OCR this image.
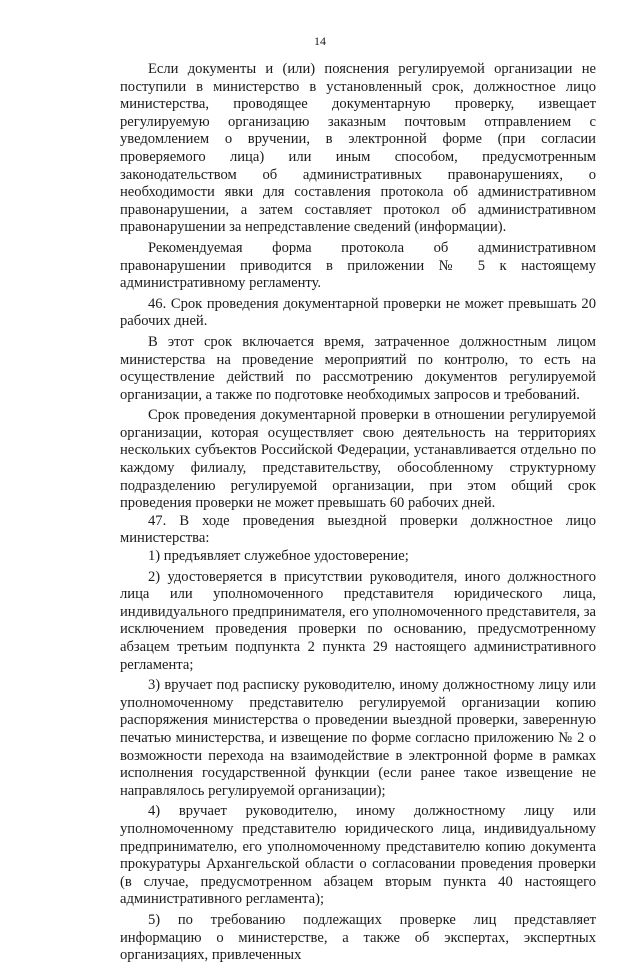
14

Если документы и (или) пояснения регулируемой организации не поступили в министерство в установленный срок, должностное лицо министерства, проводящее документарную проверку, извещает регулируемую организацию заказным почтовым отправлением с уведомлением о вручении, в электронной форме (при согласии проверяемого лица) или иным способом, предусмотренным законодательством об административных правонарушениях, о необходимости явки для составления протокола об административном правонарушении, а затем составляет протокол об административном правонарушении за непредставление сведений (информации).

Рекомендуемая форма протокола об административном правонарушении приводится в приложении № 5 к настоящему административному регламенту.

46. Срок проведения документарной проверки не может превышать 20 рабочих дней.

В этот срок включается время, затраченное должностным лицом министерства на проведение мероприятий по контролю, то есть на осуществление действий по рассмотрению документов регулируемой организации, а также по подготовке необходимых запросов и требований.

Срок проведения документарной проверки в отношении регулируемой организации, которая осуществляет свою деятельность на территориях нескольких субъектов Российской Федерации, устанавливается отдельно по каждому филиалу, представительству, обособленному структурному подразделению регулируемой организации, при этом общий срок проведения проверки не может превышать 60 рабочих дней.

47. В ходе проведения выездной проверки должностное лицо министерства:

1) предъявляет служебное удостоверение;

2) удостоверяется в присутствии руководителя, иного должностного лица или уполномоченного представителя юридического лица, индивидуального предпринимателя, его уполномоченного представителя, за исключением проведения проверки по основанию, предусмотренному абзацем третьим подпункта 2 пункта 29 настоящего административного регламента;

3) вручает под расписку руководителю, иному должностному лицу или уполномоченному представителю регулируемой организации копию распоряжения министерства о проведении выездной проверки, заверенную печатью министерства, и извещение по форме согласно приложению № 2 о возможности перехода на взаимодействие в электронной форме в рамках исполнения государственной функции (если ранее такое извещение не направлялось регулируемой организации);

4) вручает руководителю, иному должностному лицу или уполномоченному представителю юридического лица, индивидуальному предпринимателю, его уполномоченному представителю копию документа прокуратуры Архангельской области о согласовании проведения проверки (в случае, предусмотренном абзацем вторым пункта 40 настоящего административного регламента);

5) по требованию подлежащих проверке лиц представляет информацию о министерстве, а также об экспертах, экспертных организациях, привлеченных
